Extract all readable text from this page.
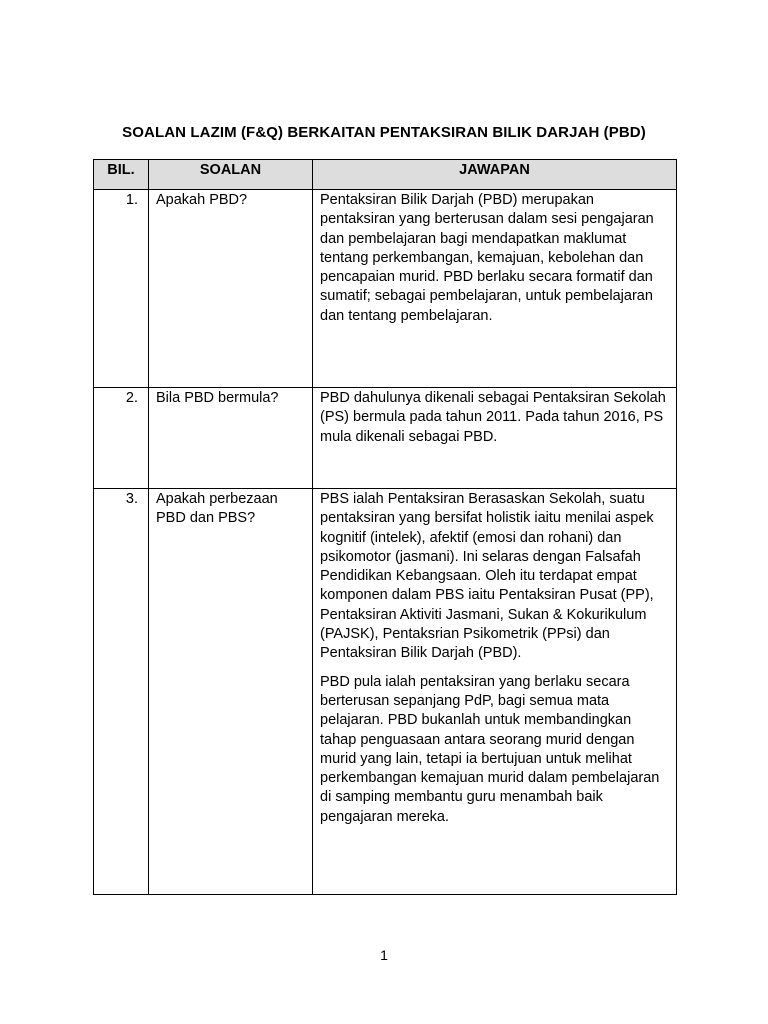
SOALAN LAZIM (F&Q) BERKAITAN PENTAKSIRAN BILIK DARJAH (PBD)
BIL.	SOALAN	JAWAPAN
1.	Apakah PBD?	Pentaksiran Bilik Darjah (PBD) merupakan pentaksiran yang berterusan dalam sesi pengajaran dan pembelajaran bagi mendapatkan maklumat tentang perkembangan, kemajuan, kebolehan dan pencapaian murid. PBD berlaku secara formatif dan sumatif; sebagai pembelajaran, untuk pembelajaran dan tentang pembelajaran.

2.	Bila PBD bermula?	PBD dahulunya dikenali sebagai Pentaksiran Sekolah (PS) bermula pada tahun 2011. Pada tahun 2016, PS mula dikenali sebagai PBD.

3.	Apakah perbezaan PBD dan PBS?	PBS ialah Pentaksiran Berasaskan Sekolah, suatu pentaksiran yang bersifat holistik iaitu menilai aspek kognitif (intelek), afektif (emosi dan rohani) dan psikomotor (jasmani). Ini selaras dengan Falsafah Pendidikan Kebangsaan. Oleh itu terdapat empat komponen dalam PBS iaitu Pentaksiran Pusat (PP), Pentaksiran Aktiviti Jasmani, Sukan & Kokurikulum (PAJSK), Pentaksrian Psikometrik (PPsi) dan Pentaksiran Bilik Darjah (PBD).

PBD pula ialah pentaksiran yang berlaku secara berterusan sepanjang PdP, bagi semua mata pelajaran. PBD bukanlah untuk membandingkan tahap penguasaan antara seorang murid dengan murid yang lain, tetapi ia bertujuan untuk melihat perkembangan kemajuan murid dalam pembelajaran di samping membantu guru menambah baik pengajaran mereka.

1
